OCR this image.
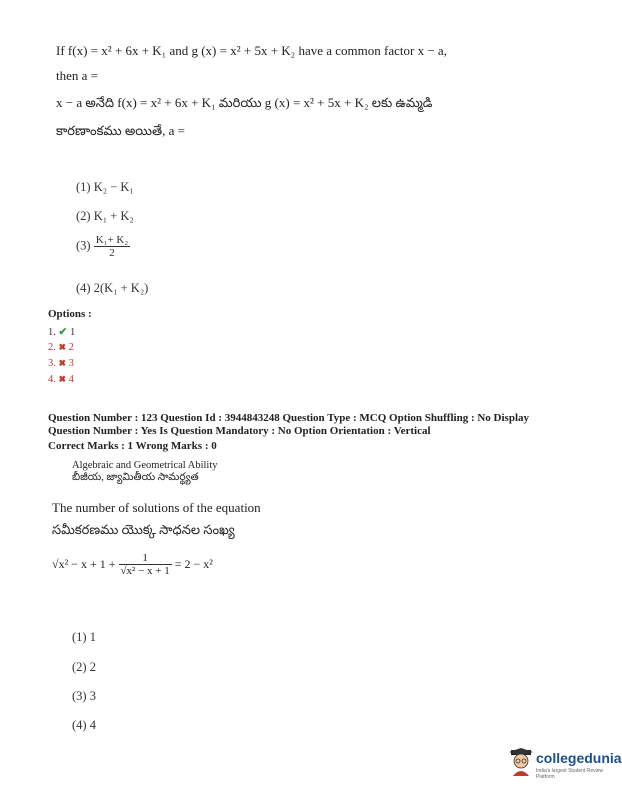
If f(x) = x² + 6x + K₁ and g (x) = x² + 5x + K₂ have a common factor x − a,
then a =
x − a అనేది f(x) = x² + 6x + K₁ మరియు g (x) = x² + 5x + K₂ లకు ఉమ్మడి
కారణాంకము అయితే, a =
(1) K₂ − K₁
(2) K₁ + K₂
$(3) \frac{\text{K₁+ K₂}}{2}$
(4) 2(K₁ + K₂)
Options :
1. ✔ 1
2. ✖ 2
3. ✖ 3
4. ✖ 4
Question Number : 123 Question Id : 3944843248 Question Type : MCQ Option Shuffling : No Display
Question Number : Yes Is Question Mandatory : No Option Orientation : Vertical
Correct Marks : 1 Wrong Marks : 0
Algebraic and Geometrical Ability
బీజీయ, జ్యామితీయ సామర్థ్యత
The number of solutions of the equation
సమీకరణము యొక్క సాధనల సంఖ్య
$√x^2 - x + 1 + \frac{1}{\text{√x² − x + 1}} = 2 - x^2$
(1) 1
(2) 2
(3) 3
(4) 4
collegedunia
India's largest Student Review Platform
